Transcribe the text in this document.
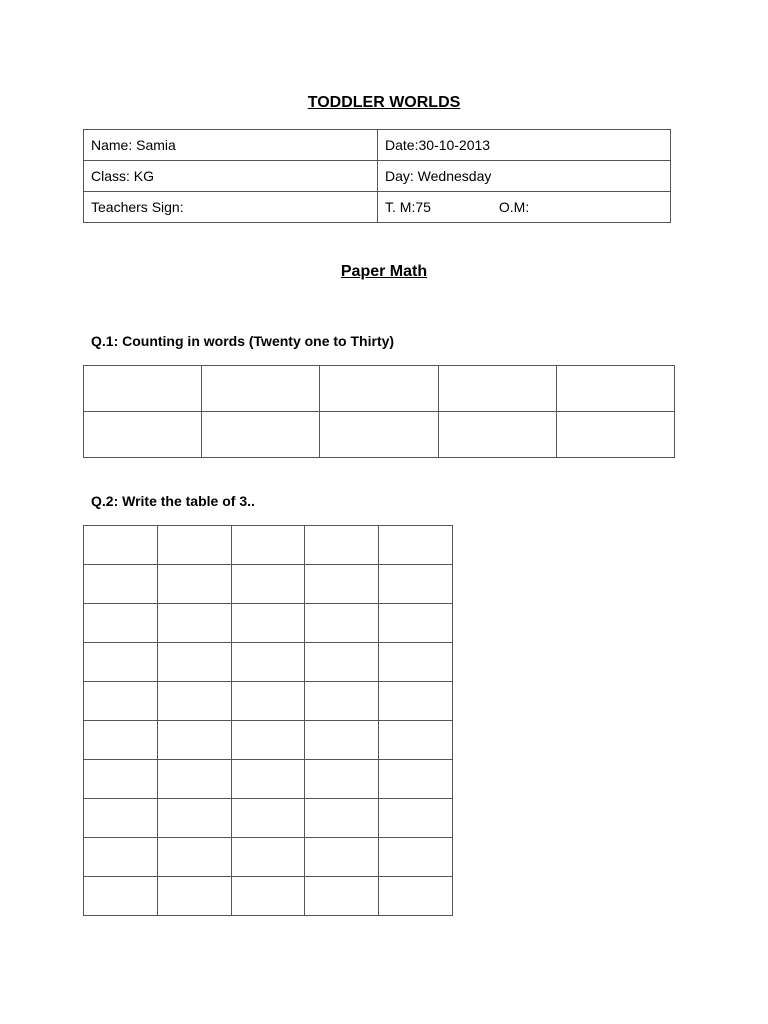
TODDLER WORLDS
Name: Samia	Date:30-10-2013
Class: KG	Day: Wednesday
Teachers Sign:	T. M:75 O.M:
Paper Math
Q.1: Counting in words (Twenty one to Thirty)

Q.2: Write the table of 3..
